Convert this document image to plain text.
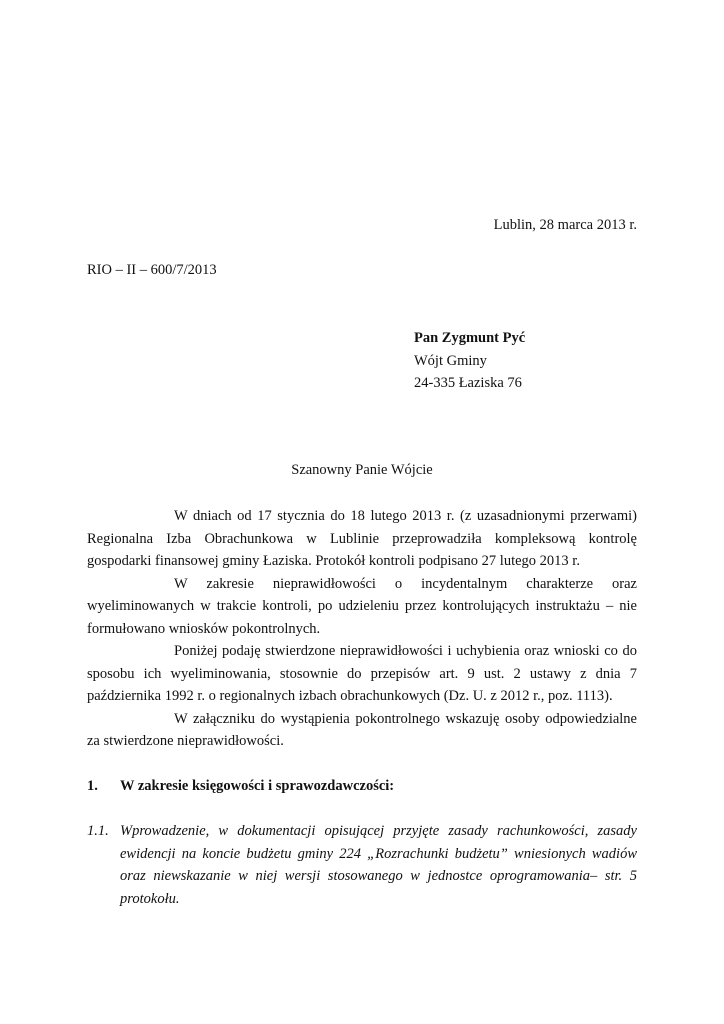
Lublin, 28 marca 2013 r.
RIO – II – 600/7/2013
Pan Zygmunt Pyć
Wójt Gminy
24-335 Łaziska 76
Szanowny Panie Wójcie

W dniach od 17 stycznia do 18 lutego 2013 r. (z uzasadnionymi przerwami) Regionalna Izba Obrachunkowa w Lublinie przeprowadziła kompleksową kontrolę gospodarki finansowej gminy Łaziska. Protokół kontroli podpisano 27 lutego 2013 r.

W zakresie nieprawidłowości o incydentalnym charakterze oraz wyeliminowanych w trakcie kontroli, po udzieleniu przez kontrolujących instruktażu – nie formułowano wniosków pokontrolnych.

Poniżej podaję stwierdzone nieprawidłowości i uchybienia oraz wnioski co do sposobu ich wyeliminowania, stosownie do przepisów art. 9 ust. 2 ustawy z dnia 7 października 1992 r. o regionalnych izbach obrachunkowych (Dz. U. z 2012 r., poz. 1113).

W załączniku do wystąpienia pokontrolnego wskazuję osoby odpowiedzialne za stwierdzone nieprawidłowości.

1. W zakresie księgowości i sprawozdawczości:
1.1. Wprowadzenie, w dokumentacji opisującej przyjęte zasady rachunkowości, zasady ewidencji na koncie budżetu gminy 224 „Rozrachunki budżetu” wniesionych wadiów oraz niewskazanie w niej wersji stosowanego w jednostce oprogramowania– str. 5 protokołu.
